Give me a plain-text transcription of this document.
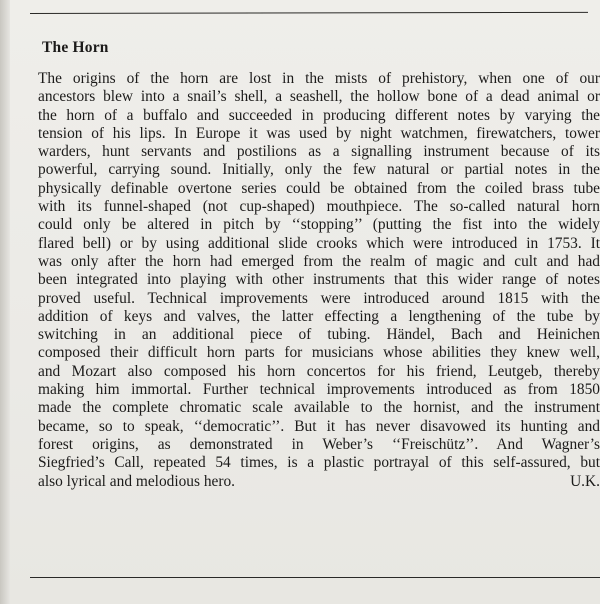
The Horn
The origins of the horn are lost in the mists of prehistory, when one of our
ancestors blew into a snail’s shell, a seashell, the hollow bone of a dead animal or
the horn of a buffalo and succeeded in producing different notes by varying the
tension of his lips. In Europe it was used by night watchmen, firewatchers, tower
warders, hunt servants and postilions as a signalling instrument because of its
powerful, carrying sound. Initially, only the few natural or partial notes in the
physically definable overtone series could be obtained from the coiled brass tube
with its funnel-shaped (not cup-shaped) mouthpiece. The so-called natural horn
could only be altered in pitch by ‘‘stopping’’ (putting the fist into the widely
flared bell) or by using additional slide crooks which were introduced in 1753. It
was only after the horn had emerged from the realm of magic and cult and had
been integrated into playing with other instruments that this wider range of notes
proved useful. Technical improvements were introduced around 1815 with the
addition of keys and valves, the latter effecting a lengthening of the tube by
switching in an additional piece of tubing. Händel, Bach and Heinichen
composed their difficult horn parts for musicians whose abilities they knew well,
and Mozart also composed his horn concertos for his friend, Leutgeb, thereby
making him immortal. Further technical improvements introduced as from 1850
made the complete chromatic scale available to the hornist, and the instrument
became, so to speak, ‘‘democratic’’. But it has never disavowed its hunting and
forest origins, as demonstrated in Weber’s ‘‘Freischütz’’. And Wagner’s
Siegfried’s Call, repeated 54 times, is a plastic portrayal of this self-assured, but
also lyrical and melodious hero.	U.K.
